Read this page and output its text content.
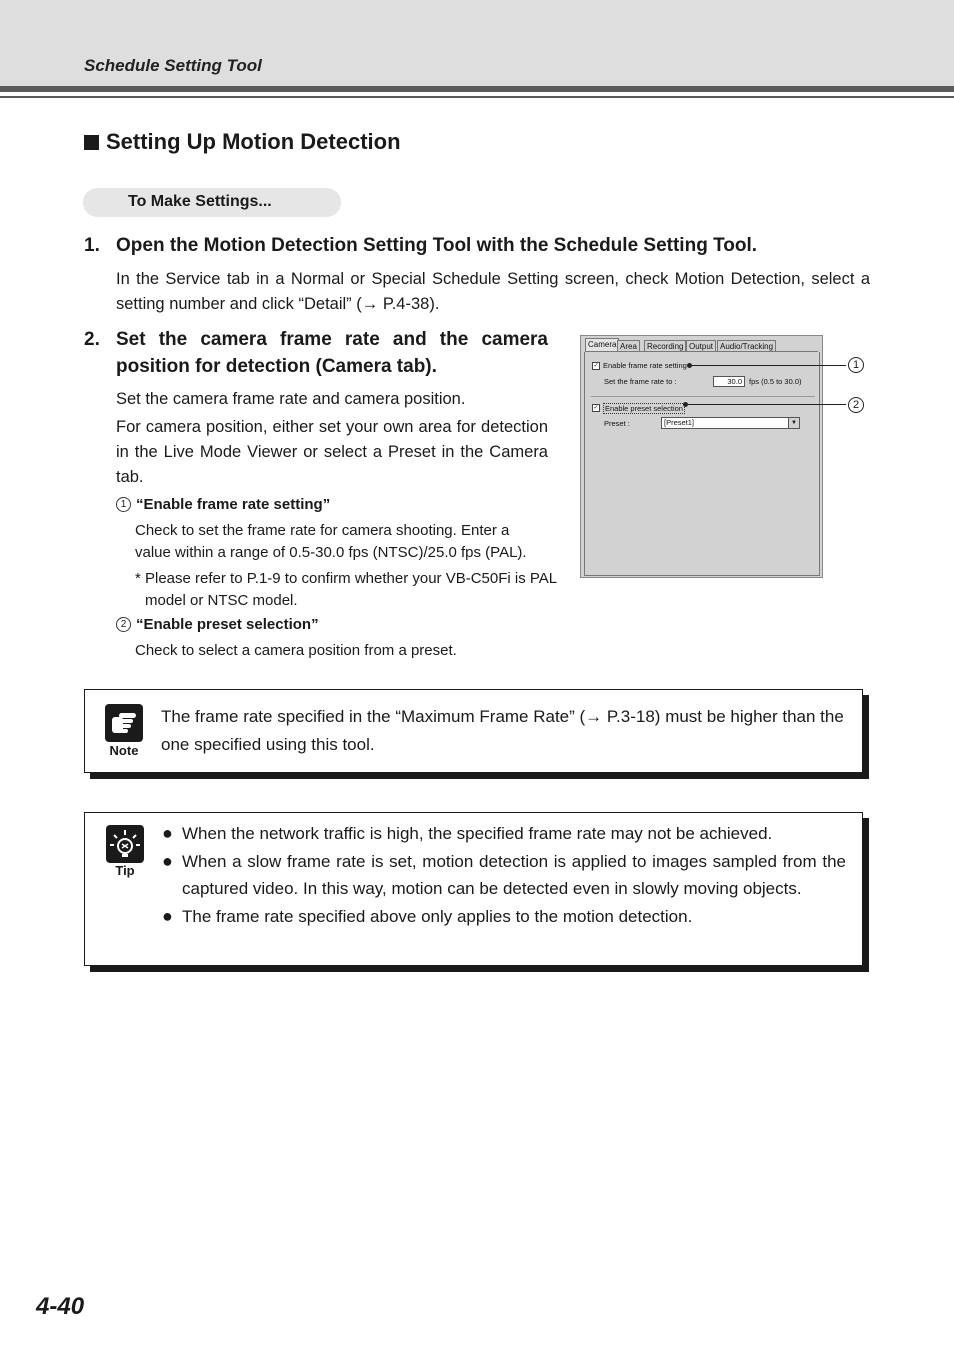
Schedule Setting Tool
Setting Up Motion Detection
To Make Settings...
1. Open the Motion Detection Setting Tool with the Schedule Setting Tool.
In the Service tab in a Normal or Special Schedule Setting screen, check Motion Detection, select a setting number and click “Detail” (→ P.4-38).
2. Set the camera frame rate and the camera position for detection (Camera tab).
Set the camera frame rate and camera position.
For camera position, either set your own area for detection in the Live Mode Viewer or select a Preset in the Camera tab.
1 “Enable frame rate setting”
Check to set the frame rate for camera shooting. Enter a value within a range of 0.5-30.0 fps (NTSC)/25.0 fps (PAL).
* Please refer to P.1-9 to confirm whether your VB-C50Fi is PAL model or NTSC model.
2 “Enable preset selection”
Check to select a camera position from a preset.
Camera Area	Recording Output Audio/Tracking
✓ Enable frame rate setting
Set the frame rate to :	30.0 fps (0.5 to 30.0)
✓ Enable preset selection
Preset :	[Preset1]	▼
1
2
Note
The frame rate specified in the “Maximum Frame Rate” (→ P.3-18) must be higher than the one specified using this tool.
Tip
● When the network traffic is high, the specified frame rate may not be achieved.
● When a slow frame rate is set, motion detection is applied to images sampled from the captured video. In this way, motion can be detected even in slowly moving objects.
● The frame rate specified above only applies to the motion detection.
4-40
